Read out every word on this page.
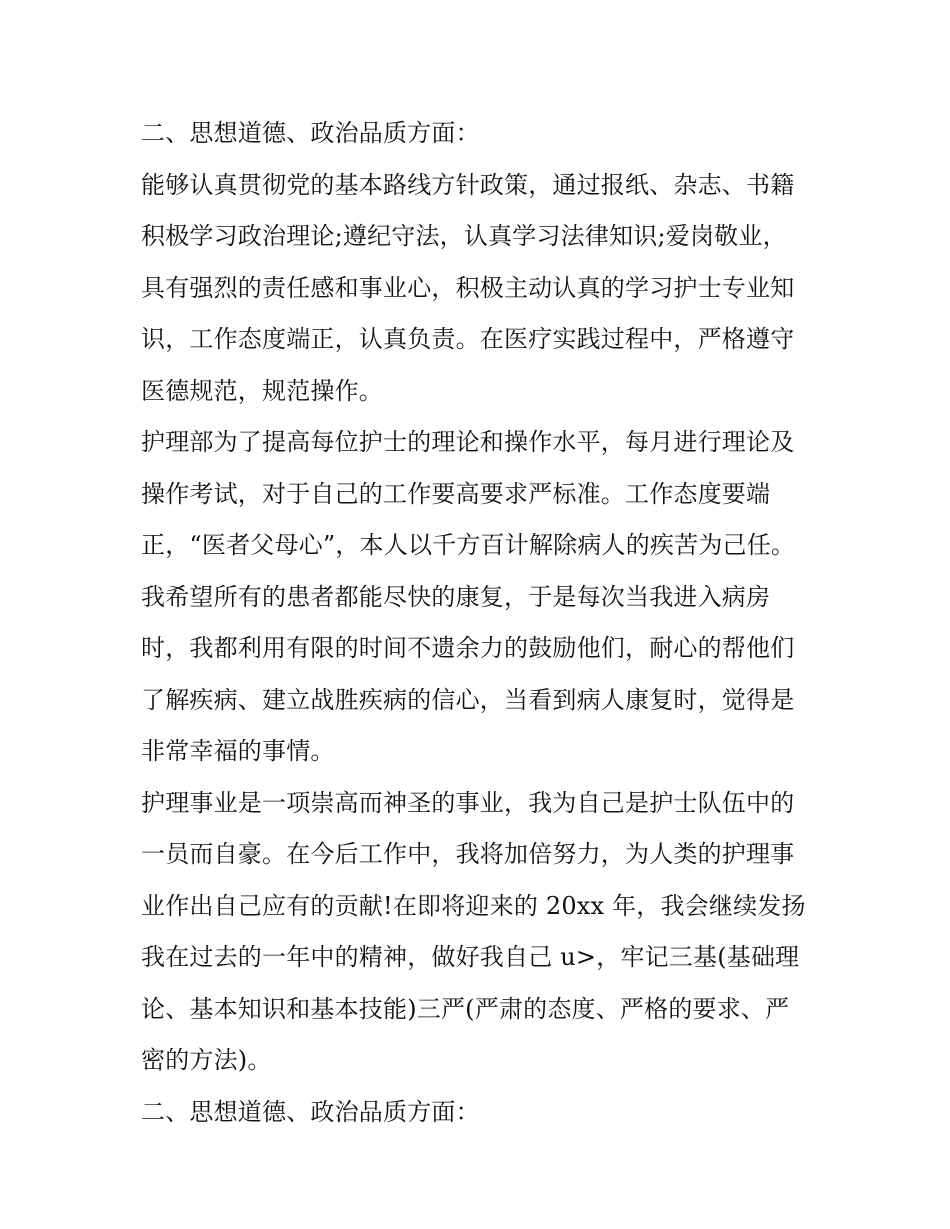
二、思想道德、政治品质方面：
能够认真贯彻党的基本路线方针政策，通过报纸、杂志、书籍
积极学习政治理论;遵纪守法，认真学习法律知识;爱岗敬业，
具有强烈的责任感和事业心，积极主动认真的学习护士专业知
识，工作态度端正，认真负责。在医疗实践过程中，严格遵守
医德规范，规范操作。
护理部为了提高每位护士的理论和操作水平，每月进行理论及
操作考试，对于自己的工作要高要求严标准。工作态度要端
正，“医者父母心”，本人以千方百计解除病人的疾苦为己任。
我希望所有的患者都能尽快的康复，于是每次当我进入病房
时，我都利用有限的时间不遗余力的鼓励他们，耐心的帮他们
了解疾病、建立战胜疾病的信心，当看到病人康复时，觉得是
非常幸福的事情。
护理事业是一项崇高而神圣的事业，我为自己是护士队伍中的
一员而自豪。在今后工作中，我将加倍努力，为人类的护理事
业作出自己应有的贡献!在即将迎来的 20xx 年，我会继续发扬
我在过去的一年中的精神，做好我自己 u>，牢记三基(基础理
论、基本知识和基本技能)三严(严肃的态度、严格的要求、严
密的方法)。
二、思想道德、政治品质方面：
